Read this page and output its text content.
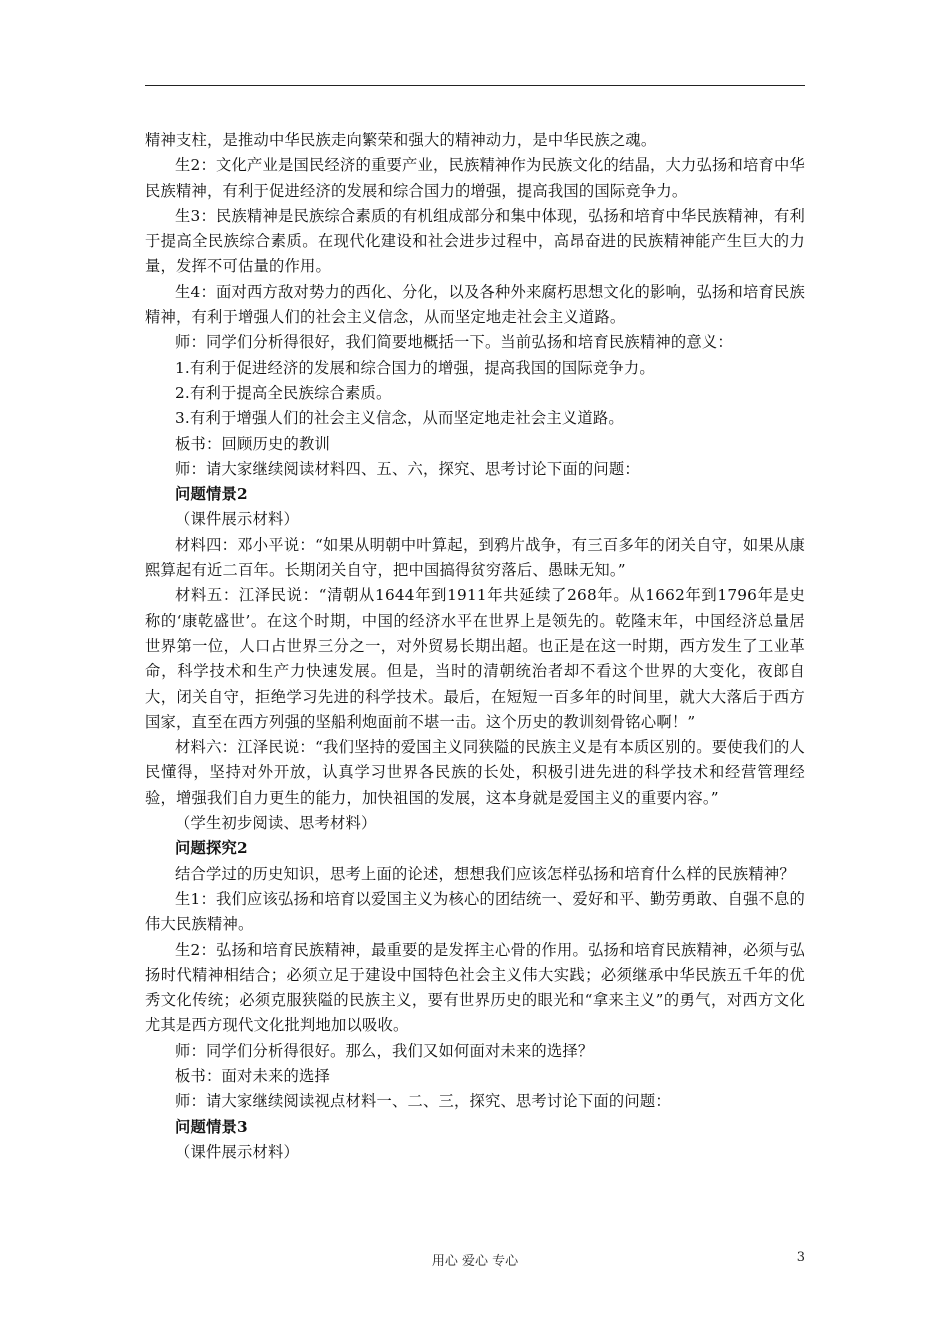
精神支柱，是推动中华民族走向繁荣和强大的精神动力，是中华民族之魂。

生2：文化产业是国民经济的重要产业，民族精神作为民族文化的结晶，大力弘扬和培育中华民族精神，有利于促进经济的发展和综合国力的增强，提高我国的国际竞争力。

生3：民族精神是民族综合素质的有机组成部分和集中体现，弘扬和培育中华民族精神，有利于提高全民族综合素质。在现代化建设和社会进步过程中，高昂奋进的民族精神能产生巨大的力量，发挥不可估量的作用。

生4：面对西方敌对势力的西化、分化，以及各种外来腐朽思想文化的影响，弘扬和培育民族精神，有利于增强人们的社会主义信念，从而坚定地走社会主义道路。

师：同学们分析得很好，我们简要地概括一下。当前弘扬和培育民族精神的意义：

1.有利于促进经济的发展和综合国力的增强，提高我国的国际竞争力。

2.有利于提高全民族综合素质。

3.有利于增强人们的社会主义信念，从而坚定地走社会主义道路。

板书：回顾历史的教训

师：请大家继续阅读材料四、五、六，探究、思考讨论下面的问题：

问题情景2

（课件展示材料）

材料四：邓小平说：“如果从明朝中叶算起，到鸦片战争，有三百多年的闭关自守，如果从康熙算起有近二百年。长期闭关自守，把中国搞得贫穷落后、愚昧无知。”

材料五：江泽民说：“清朝从1644年到1911年共延续了268年。从1662年到1796年是史称的‘康乾盛世’。在这个时期，中国的经济水平在世界上是领先的。乾隆末年，中国经济总量居世界第一位，人口占世界三分之一，对外贸易长期出超。也正是在这一时期，西方发生了工业革命，科学技术和生产力快速发展。但是，当时的清朝统治者却不看这个世界的大变化，夜郎自大，闭关自守，拒绝学习先进的科学技术。最后，在短短一百多年的时间里，就大大落后于西方国家，直至在西方列强的坚船利炮面前不堪一击。这个历史的教训刻骨铭心啊！”

材料六：江泽民说：“我们坚持的爱国主义同狭隘的民族主义是有本质区别的。要使我们的人民懂得，坚持对外开放，认真学习世界各民族的长处，积极引进先进的科学技术和经营管理经验，增强我们自力更生的能力，加快祖国的发展，这本身就是爱国主义的重要内容。”

（学生初步阅读、思考材料）

问题探究2

结合学过的历史知识，思考上面的论述，想想我们应该怎样弘扬和培育什么样的民族精神？

生1：我们应该弘扬和培育以爱国主义为核心的团结统一、爱好和平、勤劳勇敢、自强不息的伟大民族精神。

生2：弘扬和培育民族精神，最重要的是发挥主心骨的作用。弘扬和培育民族精神，必须与弘扬时代精神相结合；必须立足于建设中国特色社会主义伟大实践；必须继承中华民族五千年的优秀文化传统；必须克服狭隘的民族主义，要有世界历史的眼光和“拿来主义”的勇气，对西方文化尤其是西方现代文化批判地加以吸收。

师：同学们分析得很好。那么，我们又如何面对未来的选择？

板书：面对未来的选择

师：请大家继续阅读视点材料一、二、三，探究、思考讨论下面的问题：

问题情景3

（课件展示材料）

用心 爱心 专心	3
